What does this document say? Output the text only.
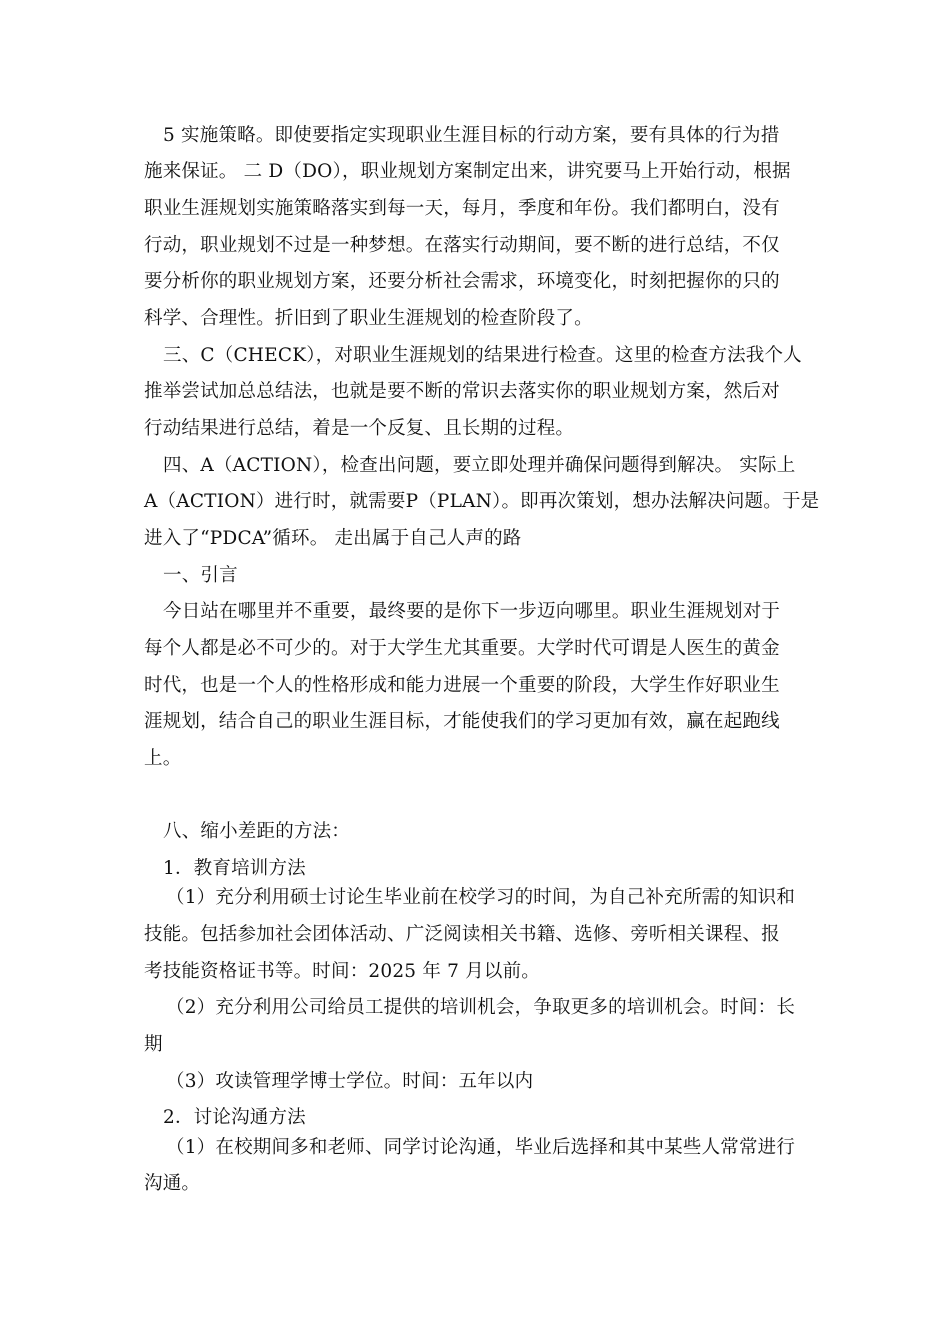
5 实施策略。即使要指定实现职业生涯目标的行动方案，要有具体的行为措
施来保证。 二 D（DO），职业规划方案制定出来，讲究要马上开始行动，根据
职业生涯规划实施策略落实到每一天，每月，季度和年份。我们都明白，没有
行动，职业规划不过是一种梦想。在落实行动期间，要不断的进行总结，不仅
要分析你的职业规划方案，还要分析社会需求，环境变化，时刻把握你的只的
科学、合理性。折旧到了职业生涯规划的检查阶段了。
三、C（CHECK），对职业生涯规划的结果进行检查。这里的检查方法我个人
推举尝试加总总结法，也就是要不断的常识去落实你的职业规划方案，然后对
行动结果进行总结，着是一个反复、且长期的过程。
四、A（ACTION），检查出问题，要立即处理并确保问题得到解决。 实际上
A（ACTION）进行时，就需要P（PLAN）。即再次策划，想办法解决问题。于是
进入了“PDCA”循环。 走出属于自己人声的路
一、引言
今日站在哪里并不重要，最终要的是你下一步迈向哪里。职业生涯规划对于
每个人都是必不可少的。对于大学生尤其重要。大学时代可谓是人医生的黄金
时代，也是一个人的性格形成和能力进展一个重要的阶段，大学生作好职业生
涯规划，结合自己的职业生涯目标，才能使我们的学习更加有效，赢在起跑线
上。
八、缩小差距的方法：
1．教育培训方法
（1）充分利用硕士讨论生毕业前在校学习的时间，为自己补充所需的知识和
技能。包括参加社会团体活动、广泛阅读相关书籍、选修、旁听相关课程、报
考技能资格证书等。时间：2025 年 7 月以前。
（2）充分利用公司给员工提供的培训机会，争取更多的培训机会。时间：长
期
（3）攻读管理学博士学位。时间：五年以内
2．讨论沟通方法
（1）在校期间多和老师、同学讨论沟通，毕业后选择和其中某些人常常进行
沟通。
